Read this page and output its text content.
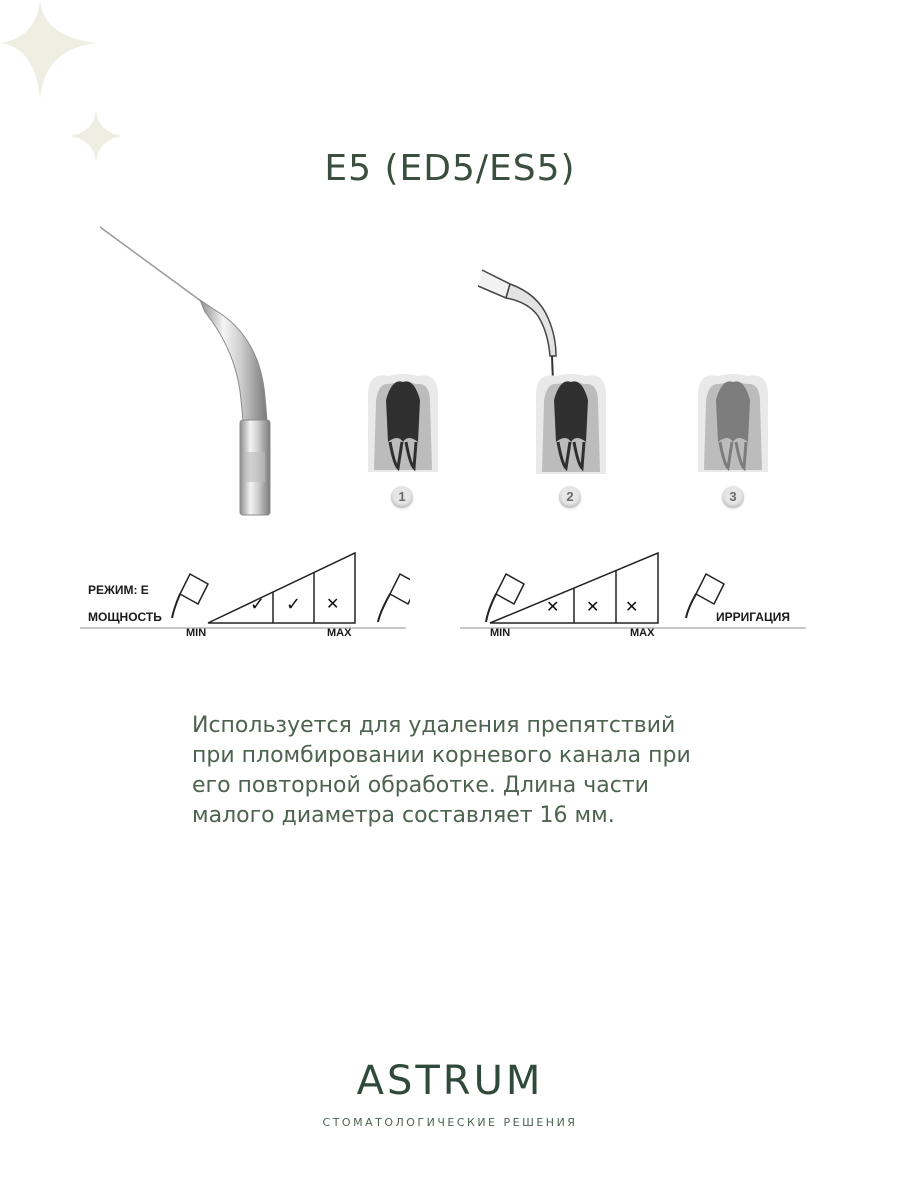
E5 (ED5/ES5)
1	2	3
РЕЖИМ: E
МОЩНОСТЬ
MIN	MAX
✓ ✓ ✕
MIN	MAX
ИРРИГАЦИЯ
✕ ✕ ✕
Используется для удаления препятствий
при пломбировании корневого канала при
его повторной обработке. Длина части
малого диаметра составляет 16 мм.
ASTRUM
СТОМАТОЛОГИЧЕСКИЕ РЕШЕНИЯ
